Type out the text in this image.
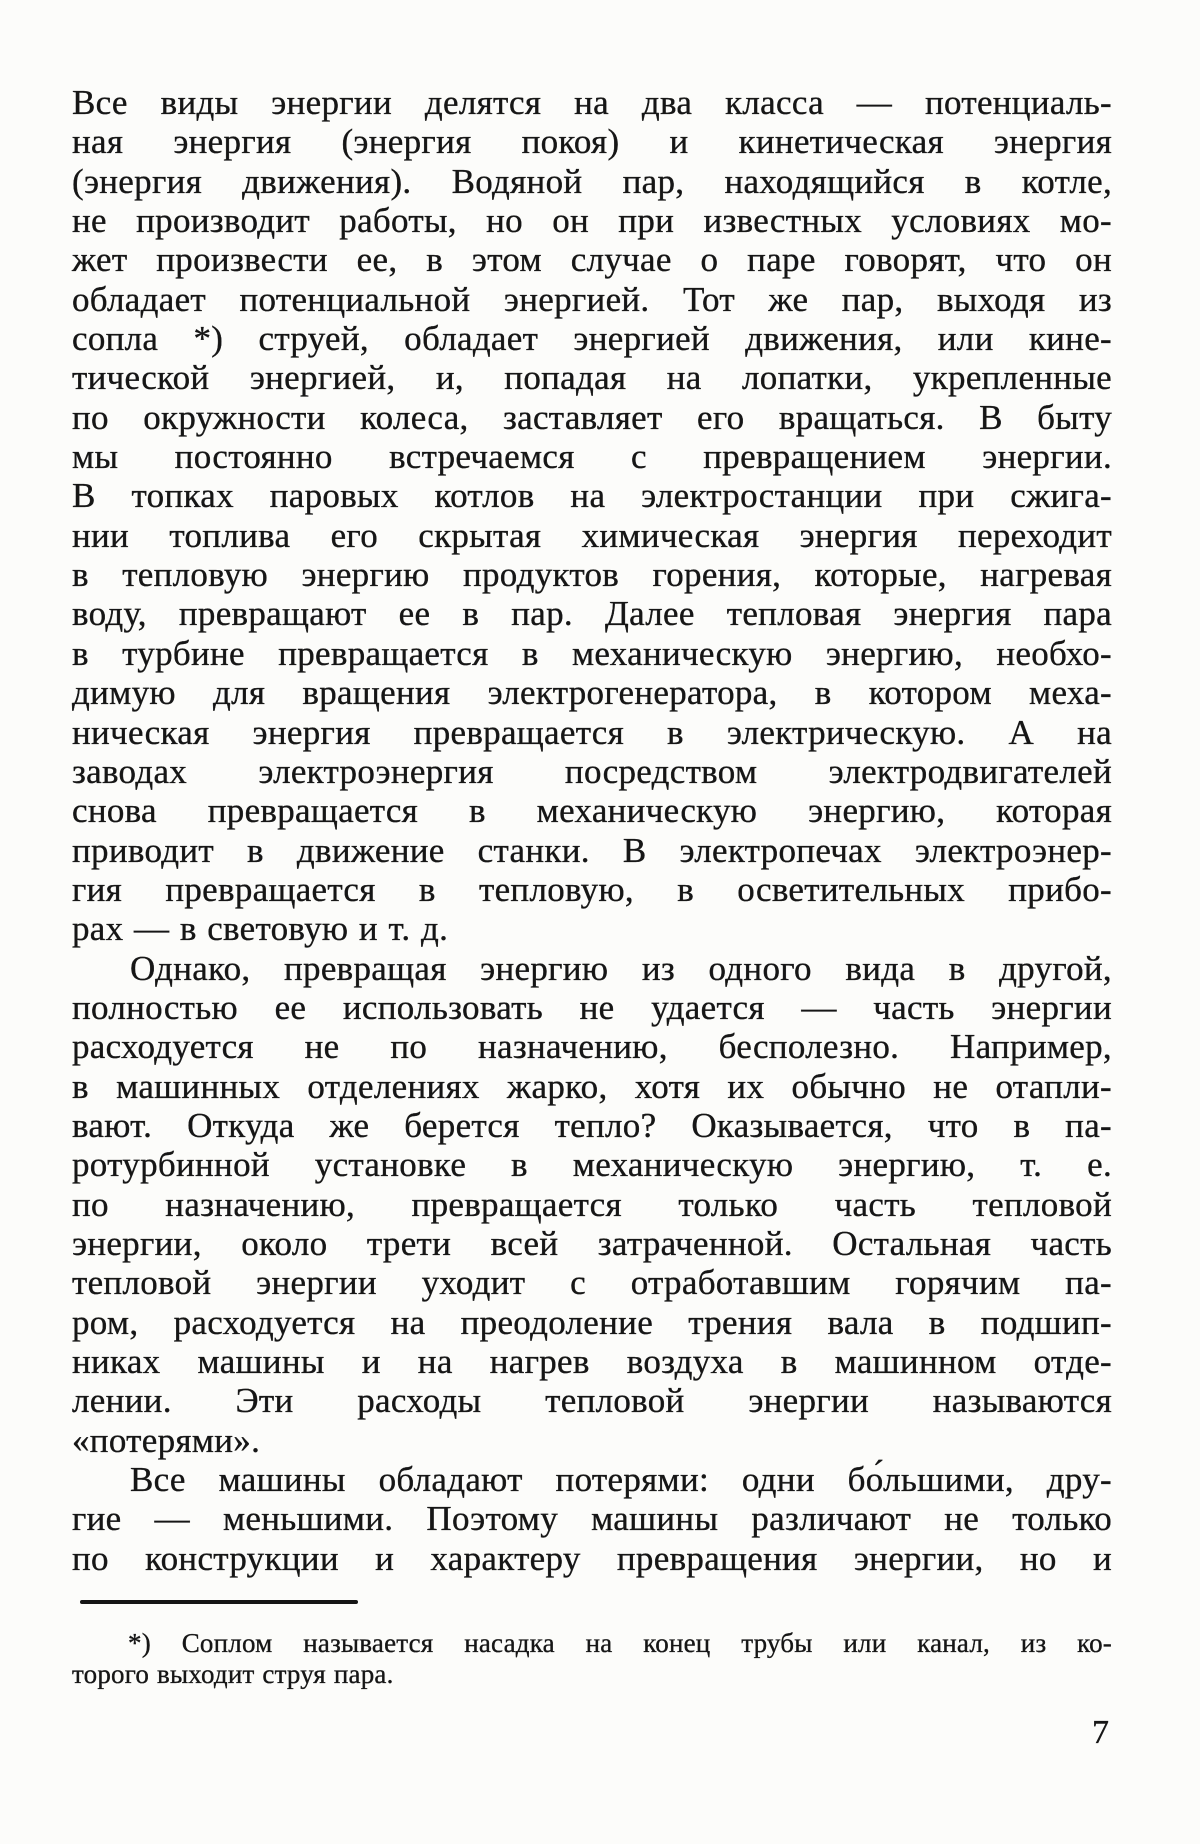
Все виды энергии делятся на два класса — потенциаль-
ная энергия (энергия покоя) и кинетическая энергия
(энергия движения). Водяной пар, находящийся в котле,
не производит работы, но он при известных условиях мо-
жет произвести ее, в этом случае о паре говорят, что он
обладает потенциальной энергией. Тот же пар, выходя из
сопла *) струей, обладает энергией движения, или кине-
тической энергией, и, попадая на лопатки, укрепленные
по окружности колеса, заставляет его вращаться. В быту
мы постоянно встречаемся с превращением энергии.
В топках паровых котлов на электростанции при сжига-
нии топлива его скрытая химическая энергия переходит
в тепловую энергию продуктов горения, которые, нагревая
воду, превращают ее в пар. Далее тепловая энергия пара
в турбине превращается в механическую энергию, необхо-
димую для вращения электрогенератора, в котором меха-
ническая энергия превращается в электрическую. А на
заводах электроэнергия посредством электродвигателей
снова превращается в механическую энергию, которая
приводит в движение станки. В электропечах электроэнер-
гия превращается в тепловую, в осветительных прибо-
рах — в световую и т. д.
Однако, превращая энергию из одного вида в другой,
полностью ее использовать не удается — часть энергии
расходуется не по назначению, бесполезно. Например,
в машинных отделениях жарко, хотя их обычно не отапли-
вают. Откуда же берется тепло? Оказывается, что в па-
ротурбинной установке в механическую энергию, т. е.
по назначению, превращается только часть тепловой
энергии, около трети всей затраченной. Остальная часть
тепловой энергии уходит с отработавшим горячим па-
ром, расходуется на преодоление трения вала в подшип-
никах машины и на нагрев воздуха в машинном отде-
лении. Эти расходы тепловой энергии называются
«потерями».
Все машины обладают потерями: одни бо́льшими, дру-
гие — меньшими. Поэтому машины различают не только
по конструкции и характеру превращения энергии, но и
*) Соплом называется насадка на конец трубы или канал, из ко-
торого выходит струя пара.
7
